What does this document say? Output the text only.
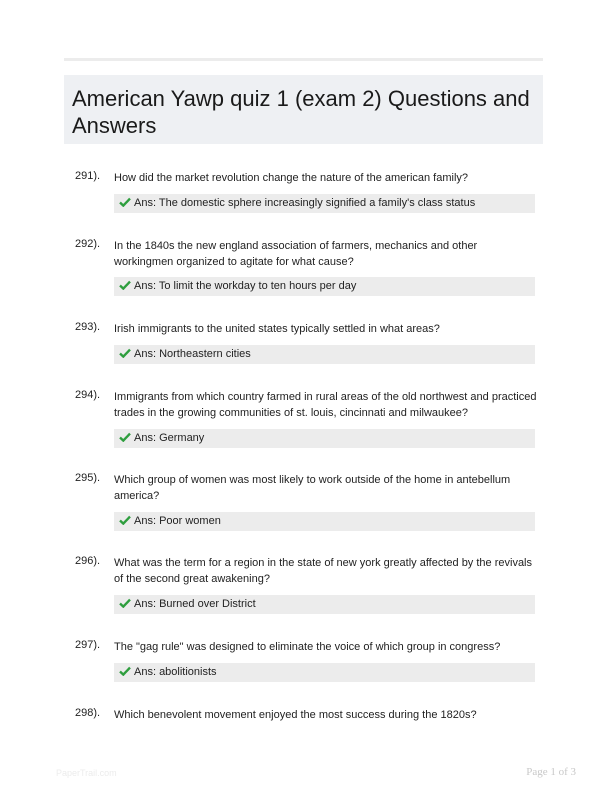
American Yawp quiz 1 (exam 2) Questions and Answers
291). How did the market revolution change the nature of the american family?
Ans: The domestic sphere increasingly signified a family's class status
292). In the 1840s the new england association of farmers, mechanics and other workingmen organized to agitate for what cause?
Ans: To limit the workday to ten hours per day
293). Irish immigrants to the united states typically settled in what areas?
Ans: Northeastern cities
294). Immigrants from which country farmed in rural areas of the old northwest and practiced trades in the growing communities of st. louis, cincinnati and milwaukee?
Ans: Germany
295). Which group of women was most likely to work outside of the home in antebellum america?
Ans: Poor women
296). What was the term for a region in the state of new york greatly affected by the revivals of the second great awakening?
Ans: Burned over District
297). The "gag rule" was designed to eliminate the voice of which group in congress?
Ans: abolitionists
298). Which benevolent movement enjoyed the most success during the 1820s?
PaperTrail.com	Page 1 of 3
